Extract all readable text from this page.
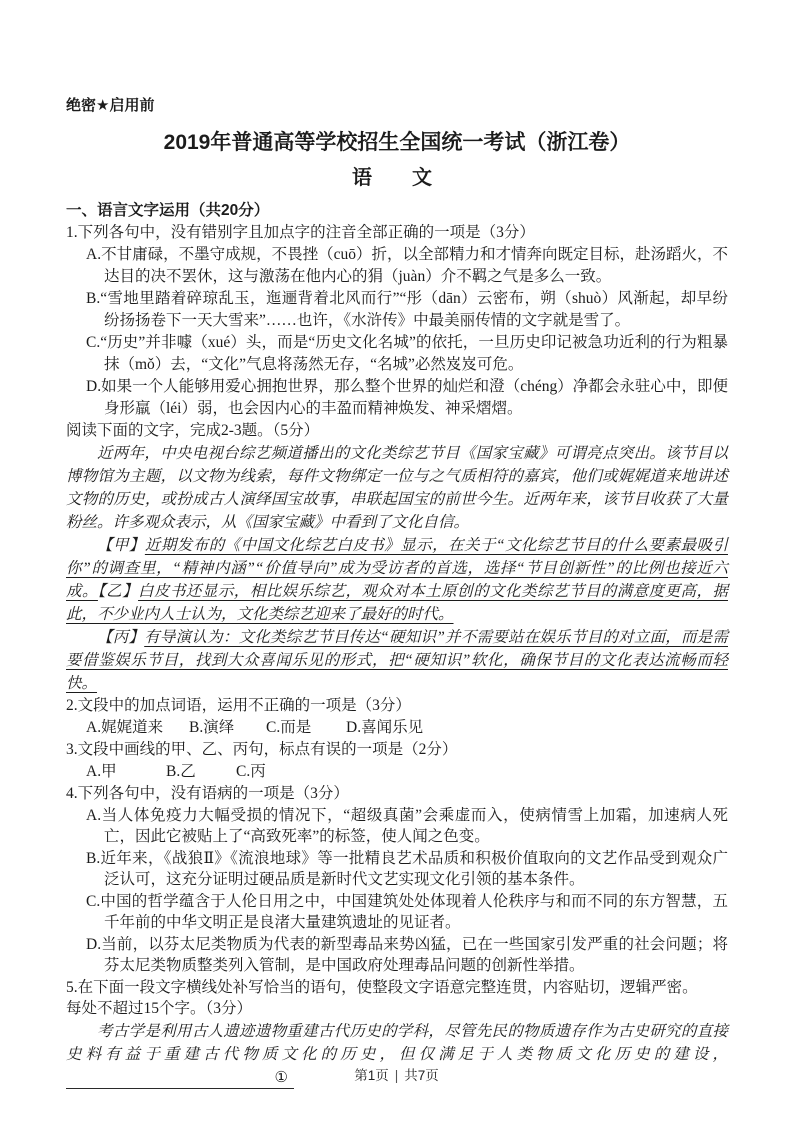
绝密★启用前
2019年普通高等学校招生全国统一考试（浙江卷）
语　文
一、语言文字运用（共20分）
1.下列各句中，没有错别字且加点字的注音全部正确的一项是（3分）
A.不甘庸碌，不墨守成规，不畏挫（cuō）折，以全部精力和才情奔向既定目标，赴汤蹈火，不达目的决不罢休，这与激荡在他内心的狷（juàn）介不羁之气是多么一致。
B.“雪地里踏着碎琼乱玉，迤逦背着北风而行”“彤（dān）云密布，朔（shuò）风渐起，却早纷纷扬扬卷下一天大雪来”……也许，《水浒传》中最美丽传情的文字就是雪了。
C.“历史”并非噱（xué）头，而是“历史文化名城”的依托，一旦历史印记被急功近利的行为粗暴抹（mǒ）去，“文化”气息将荡然无存，“名城”必然岌岌可危。
D.如果一个人能够用爱心拥抱世界，那么整个世界的灿烂和澄（chéng）净都会永驻心中，即便身形羸（léi）弱，也会因内心的丰盈而精神焕发、神采熠熠。
阅读下面的文字，完成2-3题。（5分）
近两年，中央电视台综艺频道播出的文化类综艺节目《国家宝藏》可谓亮点突出。该节目以博物馆为主题，以文物为线索，每件文物绑定一位与之气质相符的嘉宾，他们或娓娓道来地讲述文物的历史，或扮成古人演绎国宝故事，串联起国宝的前世今生。近两年来，该节目收获了大量粉丝。许多观众表示，从《国家宝藏》中看到了文化自信。
【甲】近期发布的《中国文化综艺白皮书》显示，在关于“文化综艺节目的什么要素最吸引你”的调查里，“精神内涵”“价值导向”成为受访者的首选，选择“节目创新性”的比例也接近六成。【乙】白皮书还显示，相比娱乐综艺，观众对本土原创的文化类综艺节目的满意度更高，据此，不少业内人士认为，文化类综艺迎来了最好的时代。
【丙】有导演认为：文化类综艺节目传达“硬知识”并不需要站在娱乐节目的对立面，而是需要借鉴娱乐节目，找到大众喜闻乐见的形式，把“硬知识”软化，确保节目的文化表达流畅而轻快。
2.文段中的加点词语，运用不正确的一项是（3分）
A.娓娓道来 B.演绎 C.而是 D.喜闻乐见
3.文段中画线的甲、乙、丙句，标点有误的一项是（2分）
A.甲	B.乙	C.丙
4.下列各句中，没有语病的一项是（3分）
A.当人体免疫力大幅受损的情况下，“超级真菌”会乘虚而入，使病情雪上加霜，加速病人死亡，因此它被贴上了“高致死率”的标签，使人闻之色变。
B.近年来，《战狼Ⅱ》《流浪地球》等一批精良艺术品质和积极价值取向的文艺作品受到观众广泛认可，这充分证明过硬品质是新时代文艺实现文化引领的基本条件。
C.中国的哲学蕴含于人伦日用之中，中国建筑处处体现着人伦秩序与和而不同的东方智慧，五千年前的中华文明正是良渚大量建筑遗址的见证者。
D.当前，以芬太尼类物质为代表的新型毒品来势凶猛，已在一些国家引发严重的社会问题；将芬太尼类物质整类列入管制，是中国政府处理毒品问题的创新性举措。
5.在下面一段文字横线处补写恰当的语句，使整段文字语意完整连贯，内容贴切，逻辑严密。
每处不超过15个字。（3分）
考古学是利用古人遗迹遗物重建古代历史的学科，尽管先民的物质遗存作为古史研究的直接史料有益于重建古代物质文化的历史，但仅满足于人类物质文化历史的建设，①	第1页 | 共7页
